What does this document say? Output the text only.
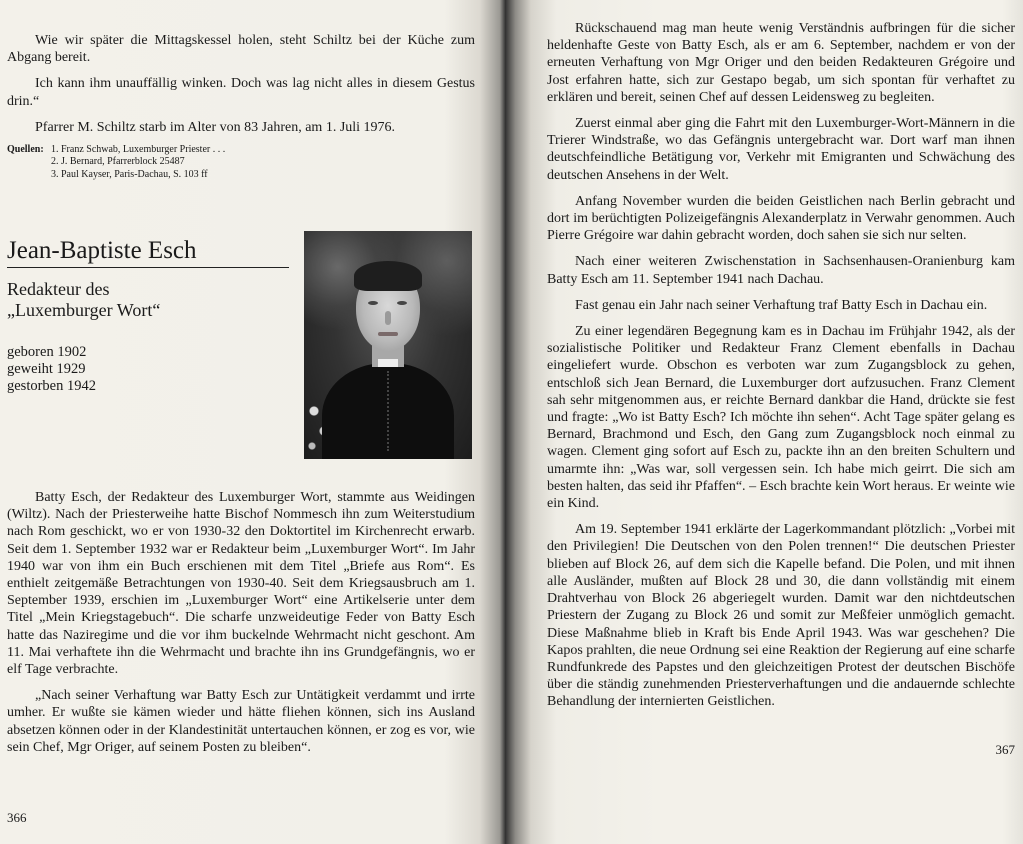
Wie wir später die Mittagskessel holen, steht Schiltz bei der Küche zum Abgang bereit.

Ich kann ihm unauffällig winken. Doch was lag nicht alles in diesem Gestus drin.“

Pfarrer M. Schiltz starb im Alter von 83 Jahren, am 1. Juli 1976.

Quellen: 1. Franz Schwab, Luxemburger Priester . . .
2. J. Bernard, Pfarrerblock 25487
3. Paul Kayser, Paris-Dachau, S. 103 ff
Jean-Baptiste Esch
Redakteur des
„Luxemburger Wort“
geboren 1902
geweiht 1929
gestorben 1942

Batty Esch, der Redakteur des Luxemburger Wort, stammte aus Weidingen (Wiltz). Nach der Priesterweihe hatte Bischof Nommesch ihn zum Weiterstudium nach Rom geschickt, wo er von 1930-32 den Doktortitel im Kirchenrecht erwarb. Seit dem 1. September 1932 war er Redakteur beim „Luxemburger Wort“. Im Jahr 1940 war von ihm ein Buch erschienen mit dem Titel „Briefe aus Rom“. Es enthielt zeitgemäße Betrachtungen von 1930-40. Seit dem Kriegsausbruch am 1. September 1939, erschien im „Luxemburger Wort“ eine Artikelserie unter dem Titel „Mein Kriegstagebuch“. Die scharfe unzweideutige Feder von Batty Esch hatte das Naziregime und die vor ihm buckelnde Wehrmacht nicht geschont. Am 11. Mai verhaftete ihn die Wehrmacht und brachte ihn ins Grundgefängnis, wo er elf Tage verbrachte.

„Nach seiner Verhaftung war Batty Esch zur Untätigkeit verdammt und irrte umher. Er wußte sie kämen wieder und hätte fliehen können, sich ins Ausland absetzen können oder in der Klandestinität untertauchen können, er zog es vor, wie sein Chef, Mgr Origer, auf seinem Posten zu bleiben“.

366

Rückschauend mag man heute wenig Verständnis aufbringen für die sicher heldenhafte Geste von Batty Esch, als er am 6. September, nachdem er von der erneuten Verhaftung von Mgr Origer und den beiden Redakteuren Grégoire und Jost erfahren hatte, sich zur Gestapo begab, um sich spontan für verhaftet zu erklären und bereit, seinen Chef auf dessen Leidensweg zu begleiten.

Zuerst einmal aber ging die Fahrt mit den Luxemburger-Wort-Männern in die Trierer Windstraße, wo das Gefängnis untergebracht war. Dort warf man ihnen deutschfeindliche Betätigung vor, Verkehr mit Emigranten und Schwächung des deutschen Ansehens in der Welt.

Anfang November wurden die beiden Geistlichen nach Berlin gebracht und dort im berüchtigten Polizeigefängnis Alexanderplatz in Verwahr genommen. Auch Pierre Grégoire war dahin gebracht worden, doch sahen sie sich nur selten.

Nach einer weiteren Zwischenstation in Sachsenhausen-Oranienburg kam Batty Esch am 11. September 1941 nach Dachau.

Fast genau ein Jahr nach seiner Verhaftung traf Batty Esch in Dachau ein.

Zu einer legendären Begegnung kam es in Dachau im Frühjahr 1942, als der sozialistische Politiker und Redakteur Franz Clement ebenfalls in Dachau eingeliefert wurde. Obschon es verboten war zum Zugangsblock zu gehen, entschloß sich Jean Bernard, die Luxemburger dort aufzusuchen. Franz Clement sah sehr mitgenommen aus, er reichte Bernard dankbar die Hand, drückte sie fest und fragte: „Wo ist Batty Esch? Ich möchte ihn sehen“. Acht Tage später gelang es Bernard, Brachmond und Esch, den Gang zum Zugangsblock noch einmal zu wagen. Clement ging sofort auf Esch zu, packte ihn an den breiten Schultern und umarmte ihn: „Was war, soll vergessen sein. Ich habe mich geirrt. Die sich am besten halten, das seid ihr Pfaffen“. – Esch brachte kein Wort heraus. Er weinte wie ein Kind.

Am 19. September 1941 erklärte der Lagerkommandant plötzlich: „Vorbei mit den Privilegien! Die Deutschen von den Polen trennen!“ Die deutschen Priester blieben auf Block 26, auf dem sich die Kapelle befand. Die Polen, und mit ihnen alle Ausländer, mußten auf Block 28 und 30, die dann vollständig mit einem Drahtverhau von Block 26 abgeriegelt wurden. Damit war den nichtdeutschen Priestern der Zugang zu Block 26 und somit zur Meßfeier unmöglich gemacht. Diese Maßnahme blieb in Kraft bis Ende April 1943. Was war geschehen? Die Kapos prahlten, die neue Ordnung sei eine Reaktion der Regierung auf eine scharfe Rundfunkrede des Papstes und den gleichzeitigen Protest der deutschen Bischöfe über die ständig zunehmenden Priesterverhaftungen und die andauernde schlechte Behandlung der internierten Geistlichen.

367
